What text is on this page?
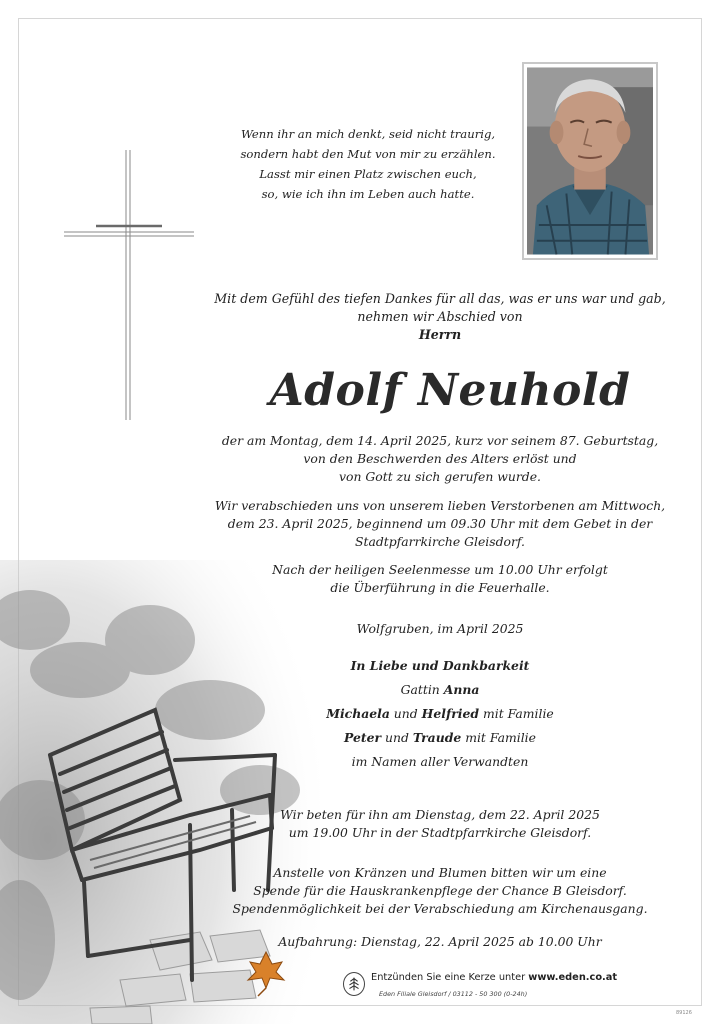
Wenn ihr an mich denkt, seid nicht traurig,
sondern habt den Mut von mir zu erzählen.
Lasst mir einen Platz zwischen euch,
so, wie ich ihn im Leben auch hatte.
Mit dem Gefühl des tiefen Dankes für all das, was er uns war und gab,
nehmen wir Abschied von
Herrn
Adolf Neuhold
der am Montag, dem 14. April 2025, kurz vor seinem 87. Geburtstag,
von den Beschwerden des Alters erlöst und
von Gott zu sich gerufen wurde.
Wir verabschieden uns von unserem lieben Verstorbenen am Mittwoch,
dem 23. April 2025, beginnend um 09.30 Uhr mit dem Gebet in der
Stadtpfarrkirche Gleisdorf.
Nach der heiligen Seelenmesse um 10.00 Uhr erfolgt
die Überführung in die Feuerhalle.
Wolfgruben, im April 2025
In Liebe und Dankbarkeit
Gattin Anna
Michaela und Helfried mit Familie
Peter und Traude mit Familie
im Namen aller Verwandten
Wir beten für ihn am Dienstag, dem 22. April 2025
um 19.00 Uhr in der Stadtpfarrkirche Gleisdorf.
Anstelle von Kränzen und Blumen bitten wir um eine
Spende für die Hauskrankenpflege der Chance B Gleisdorf.
Spendenmöglichkeit bei der Verabschiedung am Kirchenausgang.
Aufbahrung: Dienstag, 22. April 2025 ab 10.00 Uhr
Entzünden Sie eine Kerze unter www.eden.co.at
Eden Filiale Gleisdorf / 03112 - 50 300 (0-24h)
89126
